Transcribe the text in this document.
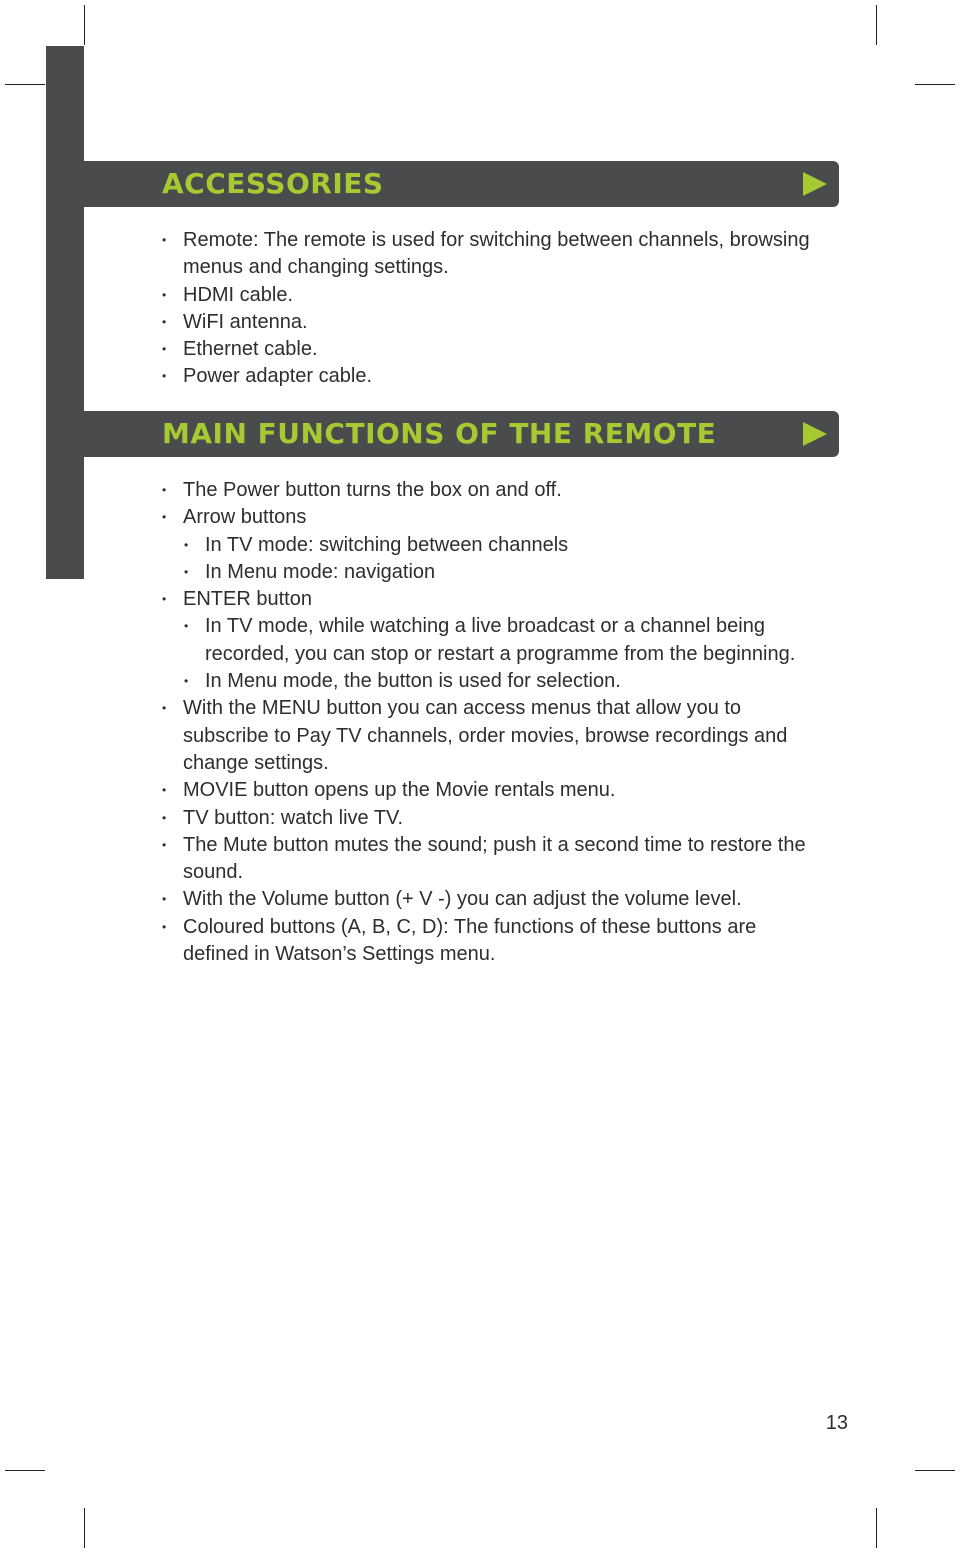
ACCESSORIES
• Remote: The remote is used for switching between channels, browsing menus and changing settings.
• HDMI cable.
• WiFI antenna.
• Ethernet cable.
• Power adapter cable.
MAIN FUNCTIONS OF THE REMOTE
• The Power button turns the box on and off.
• Arrow buttons
• In TV mode: switching between channels
• In Menu mode: navigation
• ENTER button
• In TV mode, while watching a live broadcast or a channel being recorded, you can stop or restart a programme from the beginning.
• In Menu mode, the button is used for selection.
• With the MENU button you can access menus that allow you to subscribe to Pay TV channels, order movies, browse recordings and change settings.
• MOVIE button opens up the Movie rentals menu.
• TV button: watch live TV.
• The Mute button mutes the sound; push it a second time to restore the sound.
• With the Volume button (+ V -) you can adjust the volume level.
• Coloured buttons (A, B, C, D): The functions of these buttons are defined in Watson’s Settings menu.
13
